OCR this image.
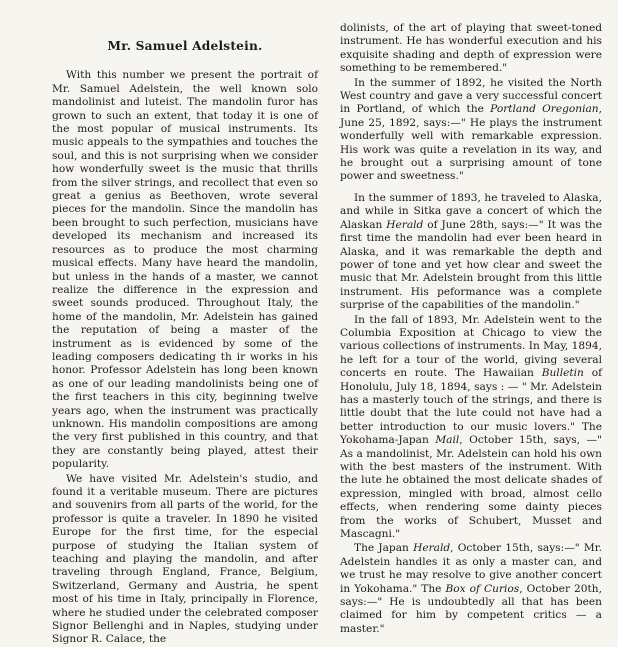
Mr. Samuel Adelstein.

With this number we present the portrait of Mr. Samuel Adelstein, the well known solo mandolinist and luteist. The mandolin furor has grown to such an extent, that today it is one of the most popular of musical instruments. Its music appeals to the sympathies and touches the soul, and this is not surprising when we consider how wonderfully sweet is the music that thrills from the silver strings, and recollect that even so great a genius as Beethoven, wrote several pieces for the mandolin. Since the mandolin has been brought to such perfection, musicians have developed its mechanism and increased its resources as to produce the most charming musical effects. Many have heard the mandolin, but unless in the hands of a master, we cannot realize the difference in the expression and sweet sounds produced. Throughout Italy, the home of the mandolin, Mr. Adelstein has gained the reputation of being a master of the instrument as is evidenced by some of the leading composers dedicating th ir works in his honor. Professor Adelstein has long been known as one of our leading mandolinists being one of the first teachers in this city, beginning twelve years ago, when the instrument was practically unknown. His mandolin compositions are among the very first published in this country, and that they are constantly being played, attest their popularity.

We have visited Mr. Adelstein's studio, and found it a veritable museum. There are pictures and souvenirs from all parts of the world, for the professor is quite a traveler. In 1890 he visited Europe for the first time, for the especial purpose of studying the Italian system of teaching and playing the mandolin, and after traveling through England, France, Belgium, Switzerland, Germany and Austria, he spent most of his time in Italy, principally in Florence, where he studied under the celebrated composer Signor Bellenghi and in Naples, studying under Signor R. Calace, the

dolinists, of the art of playing that sweet-toned instrument. He has wonderful execution and his exquisite shading and depth of expression were something to be remembered."

In the summer of 1892, he visited the North West country and gave a very successful concert in Portland, of which the Portland Oregonian, June 25, 1892, says:—" He plays the instrument wonderfully well with remarkable expression. His work was quite a revelation in its way, and he brought out a surprising amount of tone power and sweetness."

In the summer of 1893, he traveled to Alaska, and while in Sitka gave a concert of which the Alaskan Herald of June 28th, says:—" It was the first time the mandolin had ever been heard in Alaska, and it was remarkable the depth and power of tone and yet how clear and sweet the music that Mr. Adelstein brought from this little instrument. His peformance was a complete surprise of the capabilities of the mandolin."

In the fall of 1893, Mr. Adelstein went to the Columbia Exposition at Chicago to view the various collections of instruments. In May, 1894, he left for a tour of the world, giving several concerts en route. The Hawaiian Bulletin of Honolulu, July 18, 1894, says : — " Mr. Adelstein has a masterly touch of the strings, and there is little doubt that the lute could not have had a better introduction to our music lovers." The Yokohama-Japan Mail, October 15th, says, —" As a mandolinist, Mr. Adelstein can hold his own with the best masters of the instrument. With the lute he obtained the most delicate shades of expression, mingled with broad, almost cello effects, when rendering some dainty pieces from the works of Schubert, Musset and Mascagni."

The Japan Herald, October 15th, says:—" Mr. Adelstein handles it as only a master can, and we trust he may resolve to give another concert in Yokohama." The Box of Curios, October 20th, says:—" He is undoubtedly all that has been claimed for him by competent critics — a master."
